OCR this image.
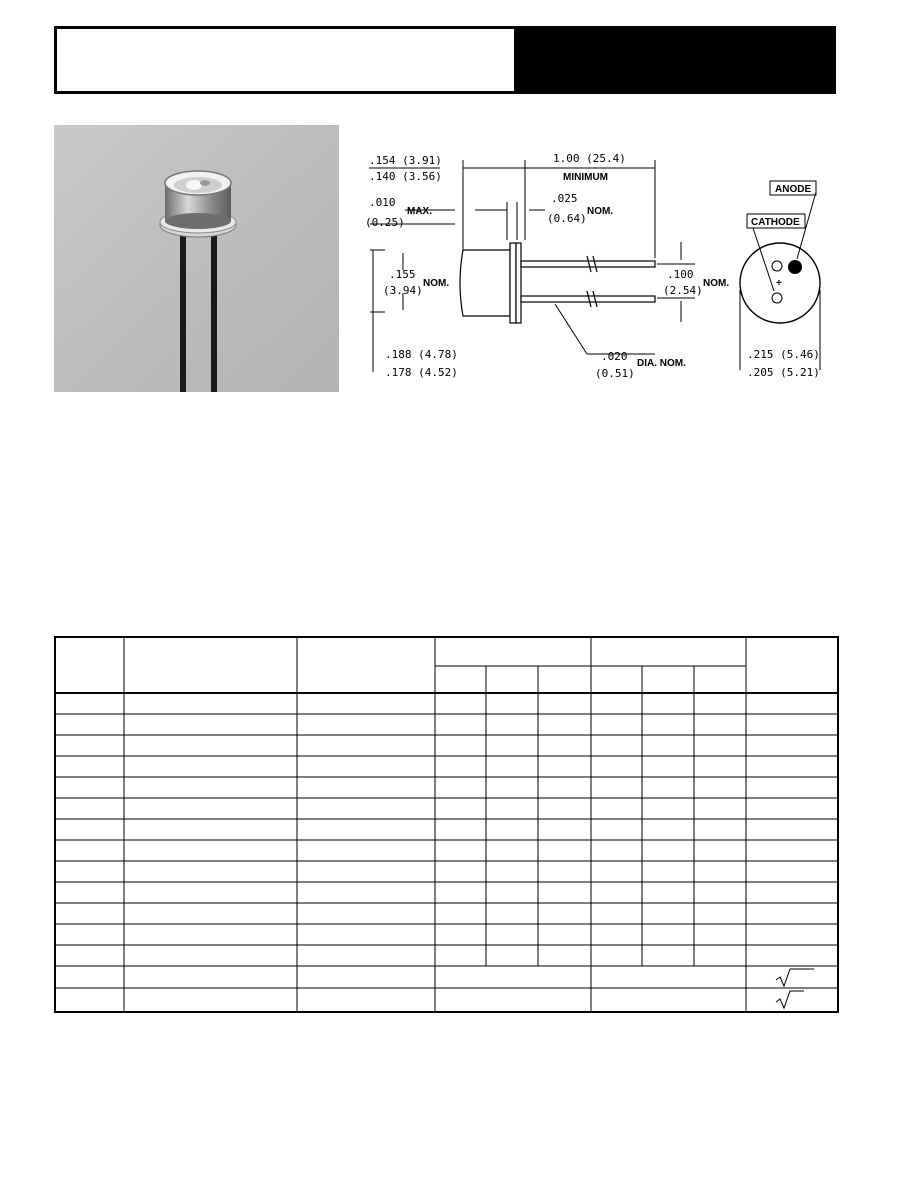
.154 (3.91)
.140 (3.56)
1.00 (25.4)
MINIMUM
.010
(0.25)
MAX.
.025
(0.64)
NOM.
.155
(3.94)
NOM.
.100
(2.54)
NOM.
.188 (4.78)
.178 (4.52)
.020
(0.51)
DIA. NOM.
+
ANODE
CATHODE
.215 (5.46)
.205 (5.21)
